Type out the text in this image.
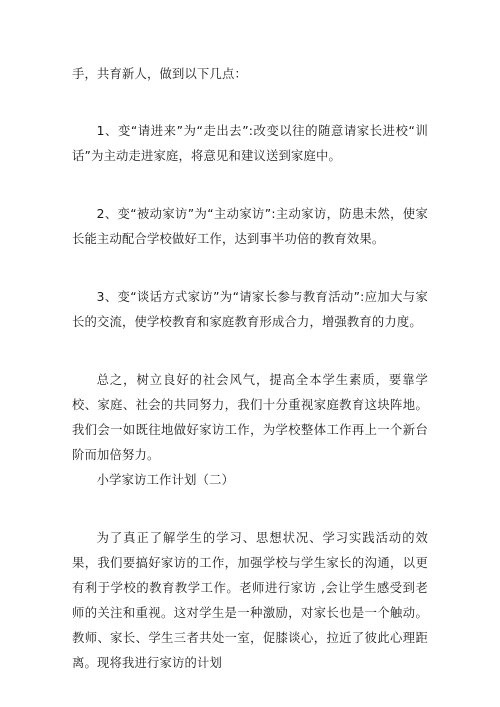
手，共育新人，做到以下几点：

1、变“请进来”为“走出去”:改变以往的随意请家长进校“训话”为主动走进家庭，将意见和建议送到家庭中。

2、变“被动家访”为“主动家访”:主动家访，防患未然，使家长能主动配合学校做好工作，达到事半功倍的教育效果。

3、变“谈话方式家访”为“请家长参与教育活动”:应加大与家长的交流，使学校教育和家庭教育形成合力，增强教育的力度。

总之，树立良好的社会风气，提高全本学生素质，要靠学校、家庭、社会的共同努力，我们十分重视家庭教育这块阵地。我们会一如既往地做好家访工作，为学校整体工作再上一个新台阶而加倍努力。

小学家访工作计划（二）

为了真正了解学生的学习、思想状况、学习实践活动的效果，我们要搞好家访的工作，加强学校与学生家长的沟通，以更有利于学校的教育教学工作。老师进行家访 ,会让学生感受到老师的关注和重视。这对学生是一种激励，对家长也是一个触动。教师、家长、学生三者共处一室，促膝谈心，拉近了彼此心理距离。现将我进行家访的计划
